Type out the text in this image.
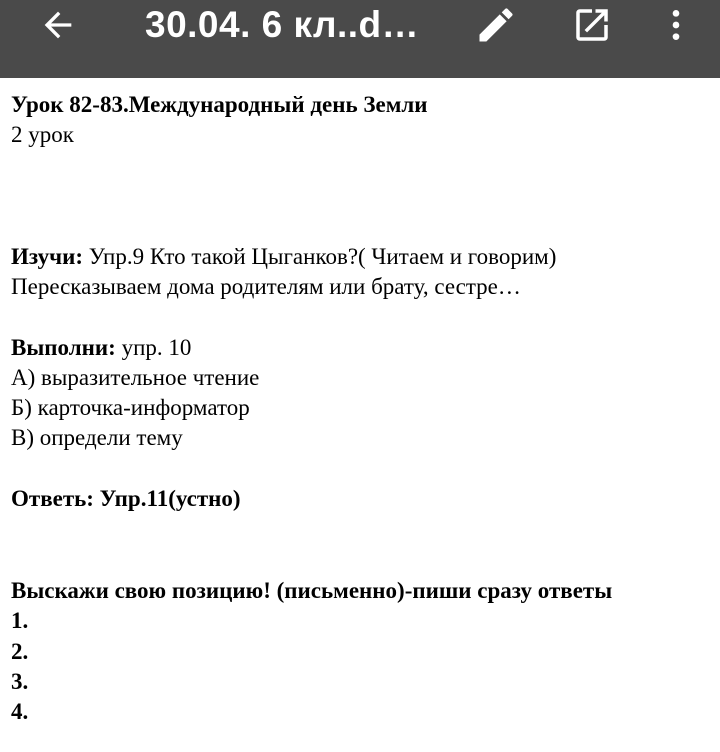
30.04. 6 кл..d…
Урок 82-83.Международный день Земли
2 урок
Изучи: Упр.9 Кто такой Цыганков?( Читаем и говорим)
Пересказываем дома родителям или брату, сестре…
Выполни: упр. 10
А) выразительное чтение
Б) карточка-информатор
В) определи тему
Ответь: Упр.11(устно)
Выскажи свою позицию! (письменно)-пиши сразу ответы
1.
2.
3.
4.
